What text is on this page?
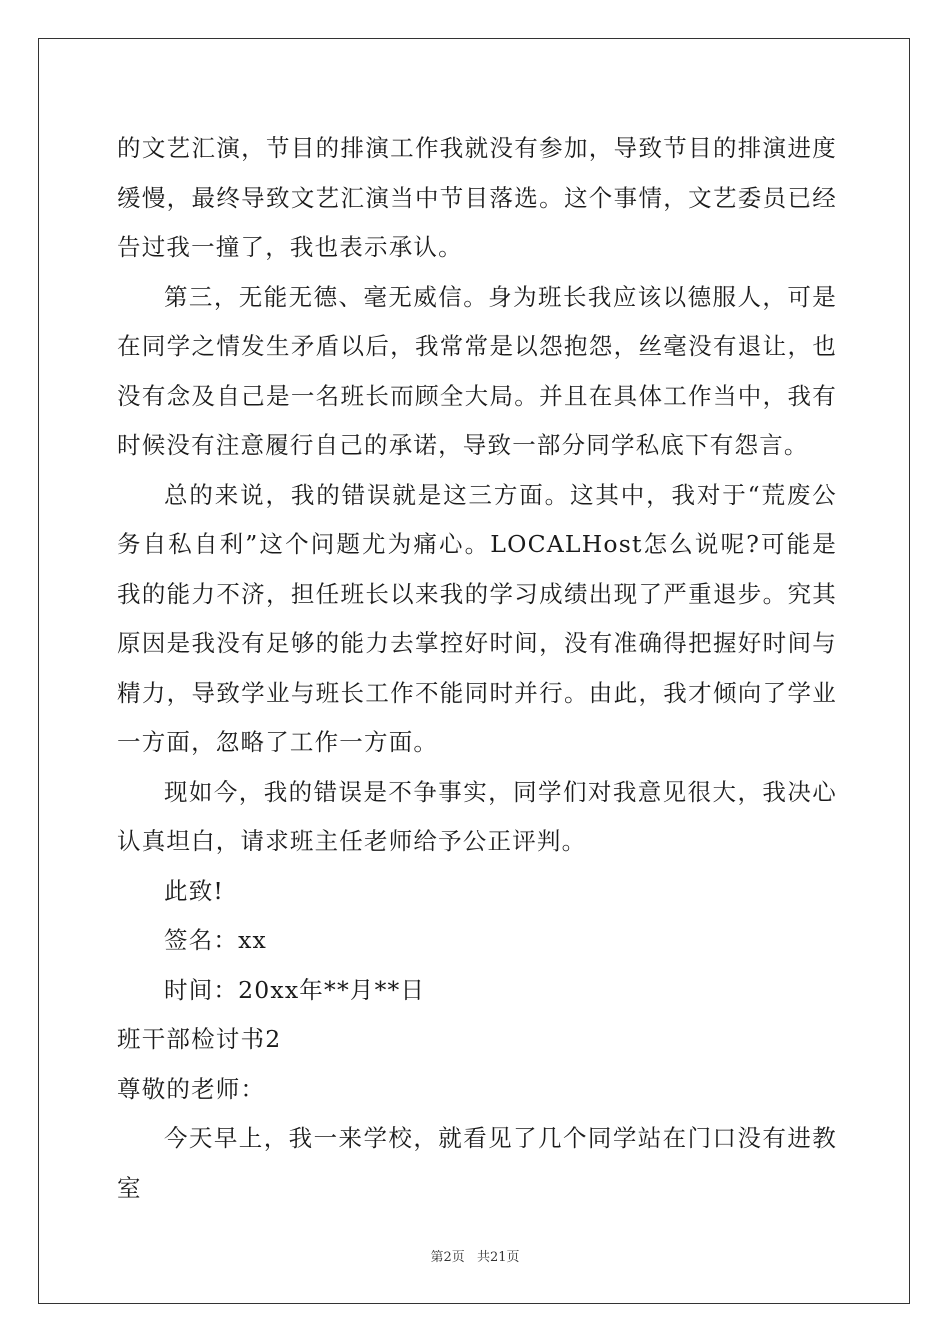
的文艺汇演，节目的排演工作我就没有参加，导致节目的排演进度缓慢，最终导致文艺汇演当中节目落选。这个事情，文艺委员已经告过我一撞了，我也表示承认。

第三，无能无德、毫无威信。身为班长我应该以德服人，可是在同学之情发生矛盾以后，我常常是以怨抱怨，丝毫没有退让，也没有念及自己是一名班长而顾全大局。并且在具体工作当中，我有时候没有注意履行自己的承诺，导致一部分同学私底下有怨言。

总的来说，我的错误就是这三方面。这其中，我对于“荒废公务自私自利”这个问题尤为痛心。LOCALHost怎么说呢?可能是我的能力不济，担任班长以来我的学习成绩出现了严重退步。究其原因是我没有足够的能力去掌控好时间，没有准确得把握好时间与精力，导致学业与班长工作不能同时并行。由此，我才倾向了学业一方面，忽略了工作一方面。

现如今，我的错误是不争事实，同学们对我意见很大，我决心认真坦白，请求班主任老师给予公正评判。

此致!

签名：xx

时间：20xx年**月**日

班干部检讨书2

尊敬的老师：

今天早上，我一来学校，就看见了几个同学站在门口没有进教室

第2页 共21页
